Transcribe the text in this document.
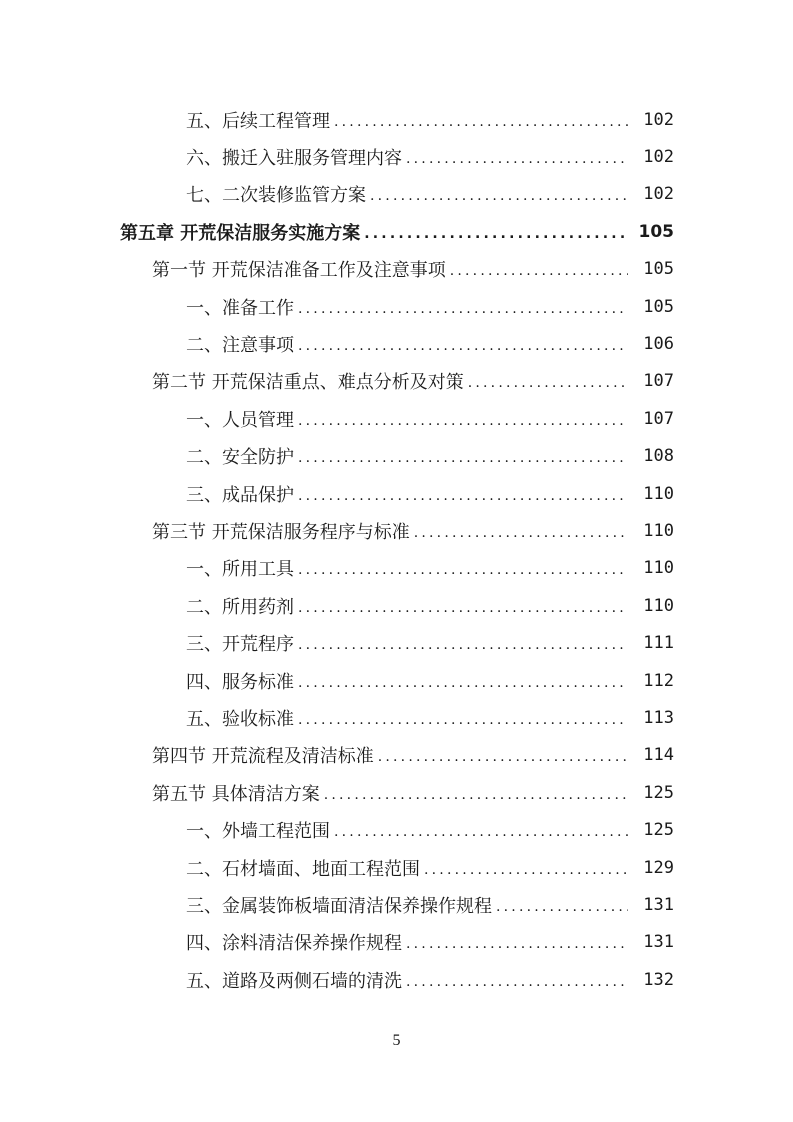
五、后续工程管理 .....	102
六、搬迁入驻服务管理内容 .....	102
七、二次装修监管方案 .....	102
第五章 开荒保洁服务实施方案 .....	105
第一节 开荒保洁准备工作及注意事项 .....	105
一、准备工作 .....	105
二、注意事项 .....	106
第二节 开荒保洁重点、难点分析及对策 .....	107
一、人员管理 .....	107
二、安全防护 .....	108
三、成品保护 .....	110
第三节 开荒保洁服务程序与标准 .....	110
一、所用工具 .....	110
二、所用药剂 .....	110
三、开荒程序 .....	111
四、服务标准 .....	112
五、验收标准 .....	113
第四节 开荒流程及清洁标准 .....	114
第五节 具体清洁方案 .....	125
一、外墙工程范围 .....	125
二、石材墙面、地面工程范围 .....	129
三、金属装饰板墙面清洁保养操作规程 .....	131
四、涂料清洁保养操作规程 .....	131
五、道路及两侧石墙的清洗 .....	132
5
